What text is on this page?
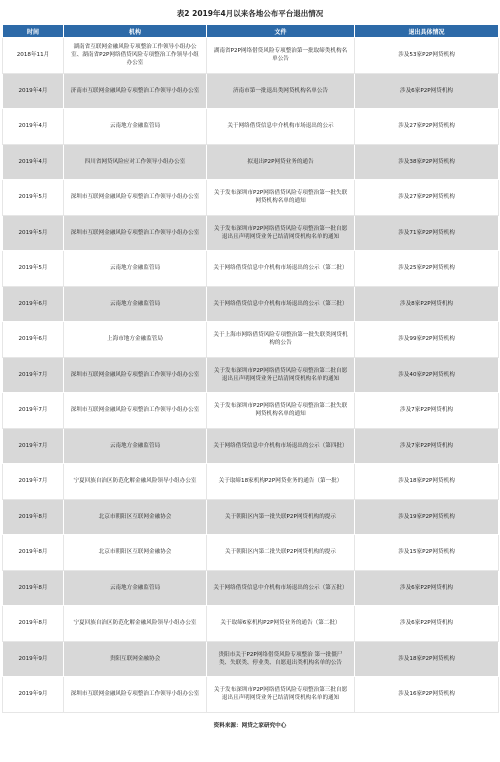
表2 2019年4月以来各地公布平台退出情况
时间	机构	文件	退出具体情况
2018年11月	湖南省互联网金融风险专项整治工作领导小组办公室、湖南省P2P网络借贷风险专项整治工作领导小组办公室	湖南省P2P网络借贷风险专项整治第一批取缔类机构名单公告	涉及53家P2P网贷机构
2019年4月	济南市互联网金融风险专项整治工作领导小组办公室	济南市第一批退出类网贷机构名单公告	涉及6家P2P网贷机构
2019年4月	云南地方金融监管局	关于网络借贷信息中介机构市场退出的公示	涉及27家P2P网贷机构
2019年4月	四川省网贷风险应对工作领导小组办公室	拟退出P2P网贷业务的通告	涉及38家P2P网贷机构
2019年5月	深圳市互联网金融风险专项整治工作领导小组办公室	关于发布深圳市P2P网络借贷风险专项整治第一批失联网贷机构名单的通知	涉及27家P2P网贷机构
2019年5月	深圳市互联网金融风险专项整治工作领导小组办公室	关于发布深圳市P2P网络借贷风险专项整治第一批自愿退出且声明网贷业务已结清网贷机构名单的通知	涉及71家P2P网贷机构
2019年5月	云南地方金融监管局	关于网络借贷信息中介机构市场退出的公示（第二批）	涉及25家P2P网贷机构
2019年6月	云南地方金融监管局	关于网络借贷信息中介机构市场退出的公示（第三批）	涉及8家P2P网贷机构
2019年6月	上海市地方金融监管局	关于上海市网络借贷风险专项整治第一批失联类网贷机构的公告	涉及99家P2P网贷机构
2019年7月	深圳市互联网金融风险专项整治工作领导小组办公室	关于发布深圳市P2P网络借贷风险专项整治第二批自愿退出且声明网贷业务已结清网贷机构名单的通知	涉及40家P2P网贷机构
2019年7月	深圳市互联网金融风险专项整治工作领导小组办公室	关于发布深圳市P2P网络借贷风险专项整治第二批失联网贷机构名单的通知	涉及7家P2P网贷机构
2019年7月	云南地方金融监管局	关于网络借贷信息中介机构市场退出的公示（第四批）	涉及7家P2P网贷机构
2019年7月	宁夏回族自治区防范化解金融风险领导小组办公室	关于取缔18家机构P2P网贷业务的通告（第一批）	涉及18家P2P网贷机构
2019年8月	北京市朝阳区互联网金融协会	关于朝阳区内第一批失联P2P网贷机构的提示	涉及19家P2P网贷机构
2019年8月	北京市朝阳区互联网金融协会	关于朝阳区内第二批失联P2P网贷机构的提示	涉及15家P2P网贷机构
2019年8月	云南地方金融监管局	关于网络借贷信息中介机构市场退出的公示（第五批）	涉及6家P2P网贷机构
2019年8月	宁夏回族自治区防范化解金融风险领导小组办公室	关于取缔6家机构P2P网贷业务的通告（第二批）	涉及6家P2P网贷机构
2019年9月	贵阳互联网金融协会	贵阳市关于P2P网络借贷风险专项整治 第一批僵尸类、失联类、停业类、自愿退出类机构名单的公告	涉及18家P2P网贷机构
2019年9月	深圳市互联网金融风险专项整治工作领导小组办公室	关于发布深圳市P2P网络借贷风险专项整治第三批自愿退出且声明网贷业务已结清网贷机构名单的通知	涉及16家P2P网贷机构
资料来源：网贷之家研究中心
